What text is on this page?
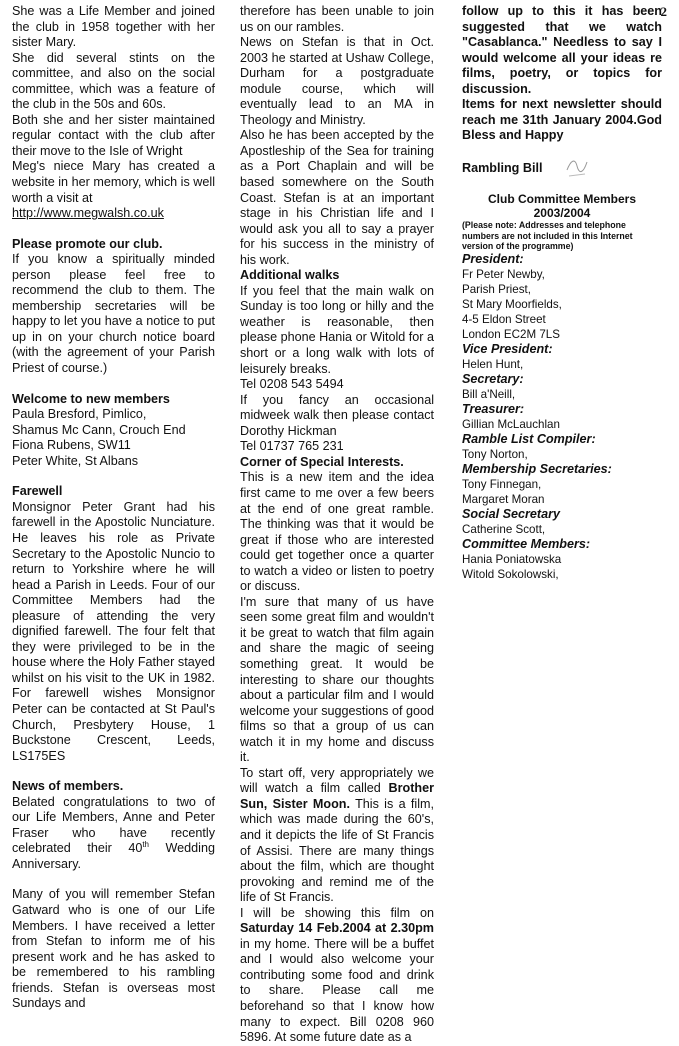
2

She was a Life Member and joined the club in 1958 together with her sister Mary.

She did several stints on the committee, and also on the social committee, which was a feature of the club in the 50s and 60s.

Both she and her sister maintained regular contact with the club after their move to the Isle of Wright

Meg's niece Mary has created a website in her memory, which is well worth a visit at

http://www.megwalsh.co.uk

Please promote our club.

If you know a spiritually minded person please feel free to recommend the club to them. The membership secretaries will be happy to let you have a notice to put up in on your church notice board (with the agreement of your Parish Priest of course.)

Welcome to new members

Paula Bresford, Pimlico,

Shamus Mc Cann, Crouch End

Fiona Rubens, SW11

Peter White, St Albans

Farewell

Monsignor Peter Grant had his farewell in the Apostolic Nunciature. He leaves his role as Private Secretary to the Apostolic Nuncio to return to Yorkshire where he will head a Parish in Leeds. Four of our Committee Members had the pleasure of attending the very dignified farewell. The four felt that they were privileged to be in the house where the Holy Father stayed whilst on his visit to the UK in 1982. For farewell wishes Monsignor Peter can be contacted at St Paul's Church, Presbytery House, 1 Buckstone Crescent, Leeds, LS175ES

News of members.

Belated congratulations to two of our Life Members, Anne and Peter Fraser who have recently celebrated their 40th Wedding Anniversary.

Many of you will remember Stefan Gatward who is one of our Life Members. I have received a letter from Stefan to inform me of his present work and he has asked to be remembered to his rambling friends. Stefan is overseas most Sundays and

therefore has been unable to join us on our rambles.

News on Stefan is that in Oct. 2003 he started at Ushaw College, Durham for a postgraduate module course, which will eventually lead to an MA in Theology and Ministry.

Also he has been accepted by the Apostleship of the Sea for training as a Port Chaplain and will be based somewhere on the South Coast. Stefan is at an important stage in his Christian life and I would ask you all to say a prayer for his success in the ministry of his work.

Additional walks

If you feel that the main walk on Sunday is too long or hilly and the weather is reasonable, then please phone Hania or Witold for a short or a long walk with lots of leisurely breaks.

Tel 0208 543 5494

If you fancy an occasional midweek walk then please contact Dorothy Hickman

Tel 01737 765 231

Corner of Special Interests.

This is a new item and the idea first came to me over a few beers at the end of one great ramble. The thinking was that it would be great if those who are interested could get together once a quarter to watch a video or listen to poetry or discuss.

I'm sure that many of us have seen some great film and wouldn't it be great to watch that film again and share the magic of seeing something great. It would be interesting to share our thoughts about a particular film and I would welcome your suggestions of good films so that a group of us can watch it in my home and discuss it.

To start off, very appropriately we will watch a film called Brother Sun, Sister Moon. This is a film, which was made during the 60's, and it depicts the life of St Francis of Assisi. There are many things about the film, which are thought provoking and remind me of the life of St Francis.

I will be showing this film on Saturday 14 Feb.2004 at 2.30pm in my home. There will be a buffet and I would also welcome your contributing some food and drink to share. Please call me beforehand so that I know how many to expect. Bill 0208 960 5896. At some future date as a

follow up to this it has been suggested that we watch "Casablanca." Needless to say I would welcome all your ideas re films, poetry, or topics for discussion.

Items for next newsletter should reach me 31th January 2004.God Bless and Happy

Rambling Bill

Club Committee Members
2003/2004

(Please note: Addresses and telephone numbers are not included in this Internet version of the programme)

President:

Fr Peter Newby,

Parish Priest,

St Mary Moorfields,

4-5 Eldon Street

London EC2M 7LS

Vice President:

Helen Hunt,

Secretary:

Bill a'Neill,

Treasurer:

Gillian McLauchlan

Ramble List Compiler:

Tony Norton,

Membership Secretaries:

Tony Finnegan,

Margaret Moran

Social Secretary

Catherine Scott,

Committee Members:

Hania Poniatowska

Witold Sokolowski,
